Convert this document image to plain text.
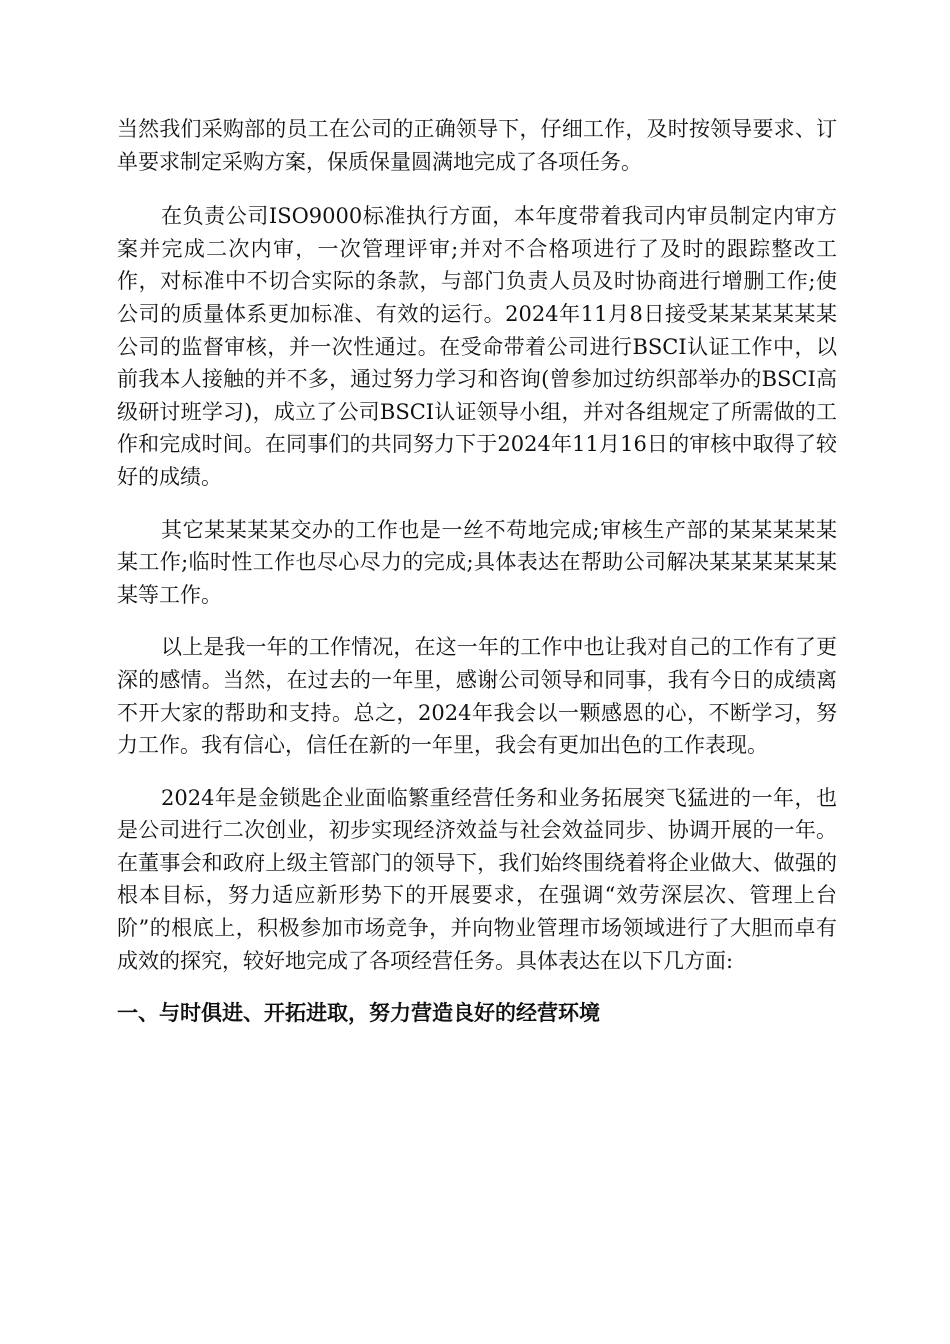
当然我们采购部的员工在公司的正确领导下，仔细工作，及时按领导要求、订单要求制定采购方案，保质保量圆满地完成了各项任务。

在负责公司ISO9000标准执行方面，本年度带着我司内审员制定内审方案并完成二次内审，一次管理评审;并对不合格项进行了及时的跟踪整改工作，对标准中不切合实际的条款，与部门负责人员及时协商进行增删工作;使公司的质量体系更加标准、有效的运行。2024年11月8日接受某某某某某某公司的监督审核，并一次性通过。在受命带着公司进行BSCI认证工作中，以前我本人接触的并不多，通过努力学习和咨询(曾参加过纺织部举办的BSCI高级研讨班学习)，成立了公司BSCI认证领导小组，并对各组规定了所需做的工作和完成时间。在同事们的共同努力下于2024年11月16日的审核中取得了较好的成绩。

其它某某某某交办的工作也是一丝不苟地完成;审核生产部的某某某某某某工作;临时性工作也尽心尽力的完成;具体表达在帮助公司解决某某某某某某某等工作。

以上是我一年的工作情况，在这一年的工作中也让我对自己的工作有了更深的感情。当然，在过去的一年里，感谢公司领导和同事，我有今日的成绩离不开大家的帮助和支持。总之，2024年我会以一颗感恩的心，不断学习，努力工作。我有信心，信任在新的一年里，我会有更加出色的工作表现。

2024年是金锁匙企业面临繁重经营任务和业务拓展突飞猛进的一年，也是公司进行二次创业，初步实现经济效益与社会效益同步、协调开展的一年。在董事会和政府上级主管部门的领导下，我们始终围绕着将企业做大、做强的根本目标，努力适应新形势下的开展要求，在强调“效劳深层次、管理上台阶”的根底上，积极参加市场竞争，并向物业管理市场领域进行了大胆而卓有成效的探究，较好地完成了各项经营任务。具体表达在以下几方面:

一、与时俱进、开拓进取，努力营造良好的经营环境
